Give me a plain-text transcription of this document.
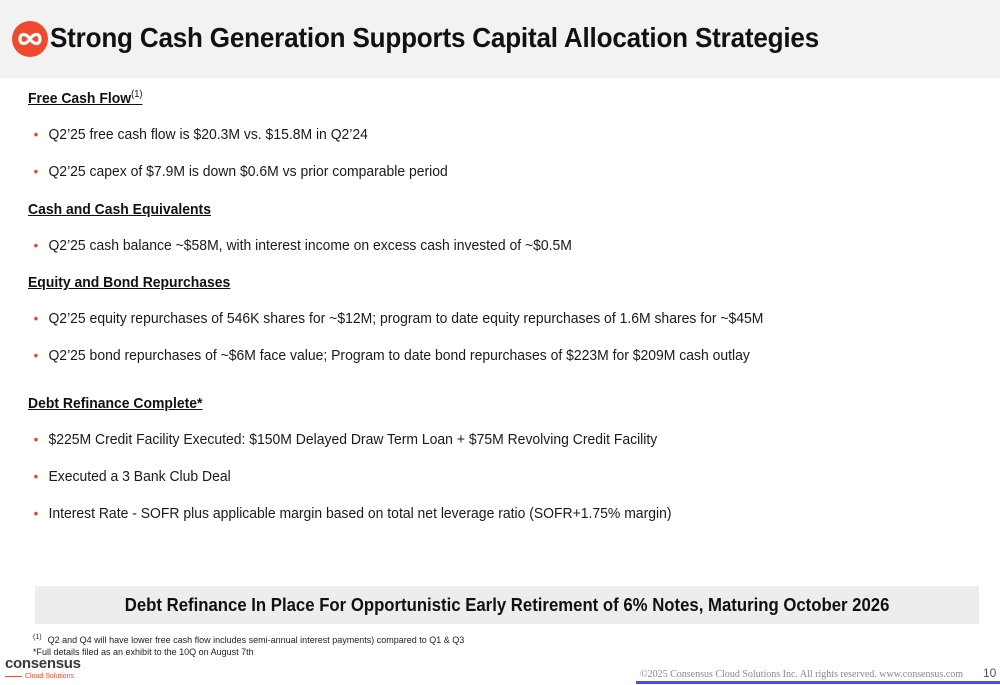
Strong Cash Generation Supports Capital Allocation Strategies
Free Cash Flow$^{(1)}$
• Q2’25 free cash flow is $20.3M vs. $15.8M in Q2’24
• Q2’25 capex of $7.9M is down $0.6M vs prior comparable period
Cash and Cash Equivalents
• Q2’25 cash balance ~$58M, with interest income on excess cash invested of ~$0.5M
Equity and Bond Repurchases
• Q2’25 equity repurchases of 546K shares for ~$12M; program to date equity repurchases of 1.6M shares for ~$45M
• Q2’25 bond repurchases of ~$6M face value; Program to date bond repurchases of $223M for $209M cash outlay
Debt Refinance Complete*
• $225M Credit Facility Executed: $150M Delayed Draw Term Loan + $75M Revolving Credit Facility
• Executed a 3 Bank Club Deal
• Interest Rate - SOFR plus applicable margin based on total net leverage ratio (SOFR+1.75% margin)
Debt Refinance In Place For Opportunistic Early Retirement of 6% Notes, Maturing October 2026
$^{(1)}$ Q2 and Q4 will have lower free cash flow includes semi-annual interest payments) compared to Q1 & Q3
*Full details filed as an exhibit to the 10Q on August 7th
consensus
Cloud Solutions	©2025 Consensus Cloud Solutions Inc. All rights reserved. www.consensus.com 10
